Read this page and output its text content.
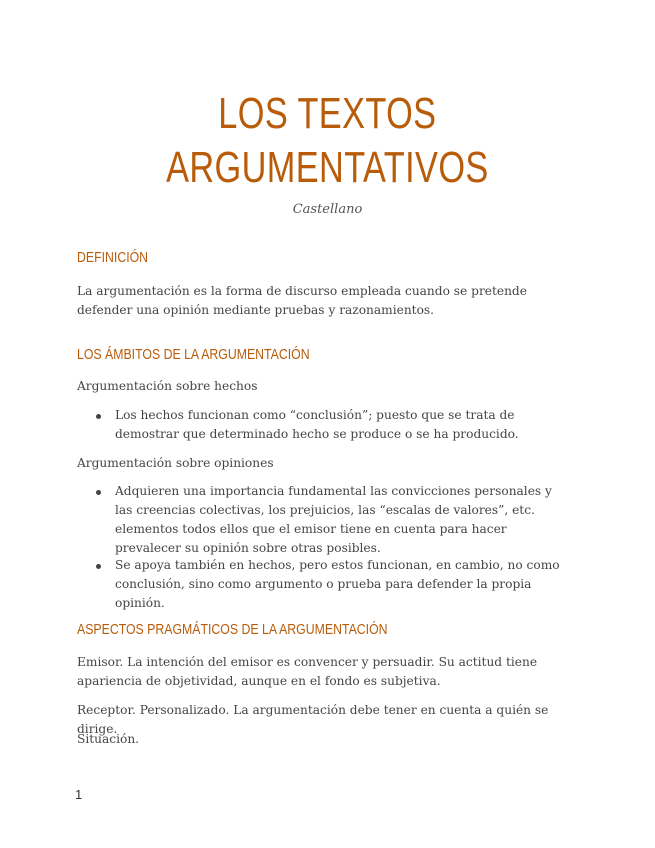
LOS TEXTOS
ARGUMENTATIVOS
Castellano
DEFINICIÓN
La argumentación es la forma de discurso empleada cuando se pretende defender una opinión mediante pruebas y razonamientos.
LOS ÁMBITOS DE LA ARGUMENTACIÓN
Argumentación sobre hechos
Los hechos funcionan como “conclusión”; puesto que se trata de demostrar que determinado hecho se produce o se ha producido.
Argumentación sobre opiniones
Adquieren una importancia fundamental las convicciones personales y las creencias colectivas, los prejuicios, las “escalas de valores”, etc. elementos todos ellos que el emisor tiene en cuenta para hacer prevalecer su opinión sobre otras posibles.
Se apoya también en hechos, pero estos funcionan, en cambio, no como conclusión, sino como argumento o prueba para defender la propia opinión.
ASPECTOS PRAGMÁTICOS DE LA ARGUMENTACIÓN
Emisor. La intención del emisor es convencer y persuadir. Su actitud tiene apariencia de objetividad, aunque en el fondo es subjetiva.
Receptor. Personalizado. La argumentación debe tener en cuenta a quién se dirige.
Situación.
1
